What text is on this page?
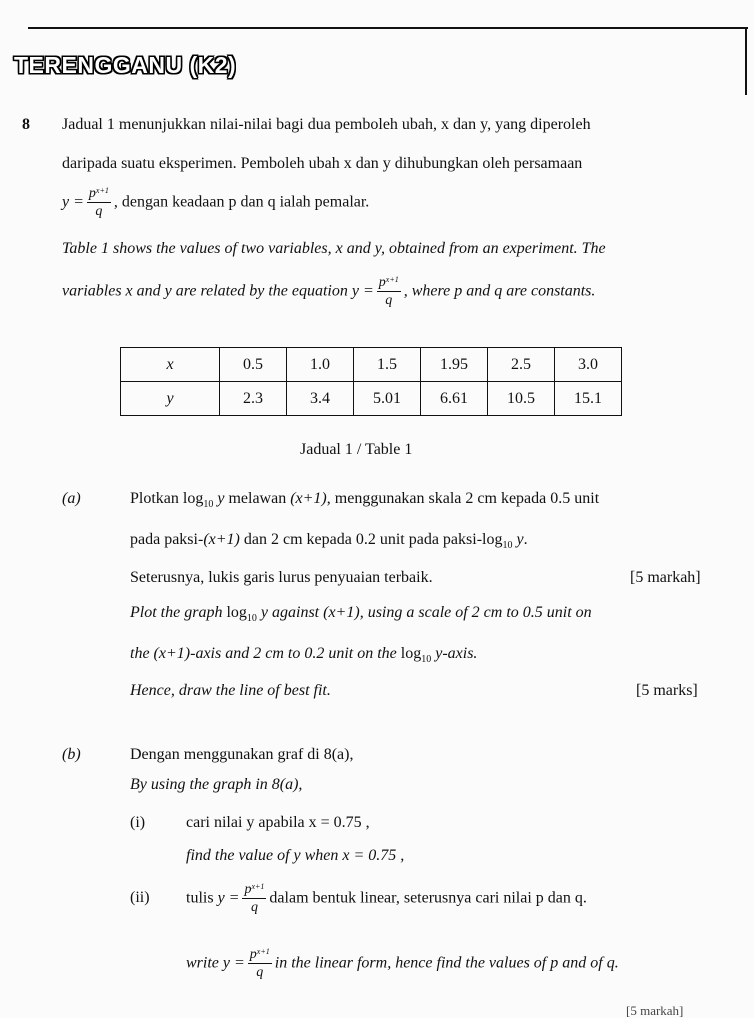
TERENGGANU (K2)
8 Jadual 1 menunjukkan nilai-nilai bagi dua pemboleh ubah, x dan y, yang diperoleh
daripada suatu eksperimen. Pemboleh ubah x dan y dihubungkan oleh persamaan
$y = \frac{p^{x+1}}{q}$ , dengan keadaan p dan q ialah pemalar.
Table 1 shows the values of two variables, x and y, obtained from an experiment. The
variables x and y are related by the equation $y = \frac{p^{x+1}}{q}$ , where p and q are constants.
x	0.5	1.0	1.5	1.95	2.5	3.0
y	2.3	3.4	5.01	6.61	10.5	15.1
Jadual 1 / Table 1
(a)	Plotkan $\log_{10} y$ melawan (x+1), menggunakan skala 2 cm kepada 0.5 unit
pada paksi-(x+1) dan 2 cm kepada 0.2 unit pada paksi-$\log_{10}$ y.
Seterusnya, lukis garis lurus penyuaian terbaik.	[5 markah]
Plot the graph $\log_{10} y$ against (x+1), using a scale of 2 cm to 0.5 unit on
the (x+1)-axis and 2 cm to 0.2 unit on the $\log_{10}$ y-axis.
Hence, draw the line of best fit.	[5 marks]
(b)	Dengan menggunakan graf di 8(a),
By using the graph in 8(a),
(i)	cari nilai y apabila x = 0.75 ,
find the value of y when x = 0.75 ,
(ii) tulis $y = \frac{p^{x+1}}{q}$ dalam bentuk linear, seterusnya cari nilai p dan q.
write $y = \frac{p^{x+1}}{q}$ in the linear form, hence find the values of p and of q.
[5 markah]
